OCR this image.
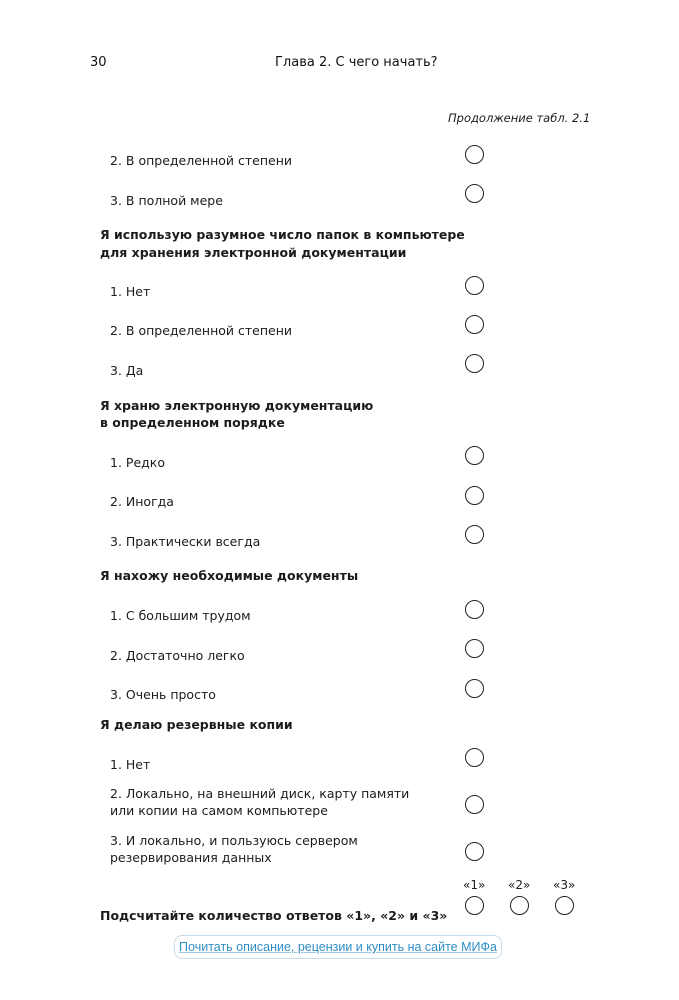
30	Глава 2. С чего начать?
Продолжение табл. 2.1
2. В определенной степени
3. В полной мере
Я использую разумное число папок в компьютере
для хранения электронной документации
1. Нет
2. В определенной степени
3. Да
Я храню электронную документацию
в определенном порядке
1. Редко
2. Иногда
3. Практически всегда
Я нахожу необходимые документы
1. С большим трудом
2. Достаточно легко
3. Очень просто
Я делаю резервные копии
1. Нет
2. Локально, на внешний диск, карту памяти
или копии на самом компьютере
3. И локально, и пользуюсь сервером
резервирования данных
«1» «2» «3»
Подсчитайте количество ответов «1», «2» и «3»
Почитать описание, рецензии и купить на сайте МИФа
